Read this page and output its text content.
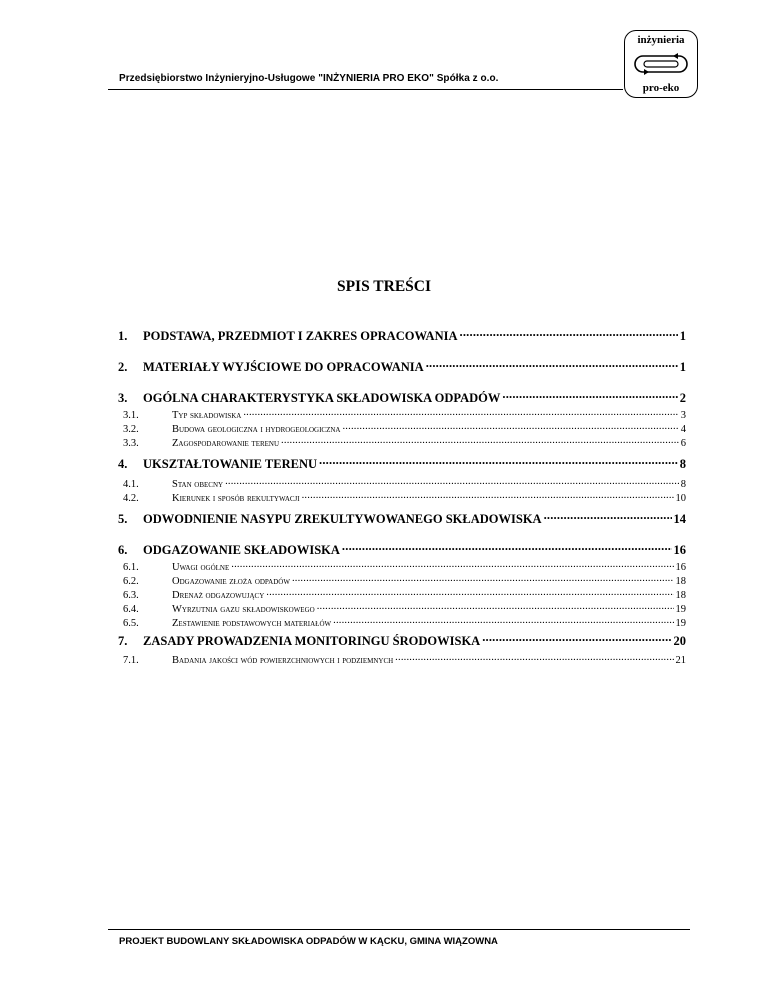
Przedsiębiorstwo Inżynieryjno-Usługowe "INŻYNIERIA PRO EKO" Spółka z o.o.
inżynieria
pro-eko
SPIS TREŚCI
1.	PODSTAWA, PRZEDMIOT I ZAKRES OPRACOWANIA .....	1
2.	MATERIAŁY WYJŚCIOWE DO OPRACOWANIA .....	1
3.	OGÓLNA CHARAKTERYSTYKA SKŁADOWISKA ODPADÓW .....	2
3.1.	Typ składowiska .....	3
3.2.	Budowa geologiczna i hydrogeologiczna .....	4
3.3.	Zagospodarowanie terenu .....	6
4.	UKSZTAŁTOWANIE TERENU .....	8
4.1.	Stan obecny .....	8
4.2.	Kierunek i sposób rekultywacji .....	10
5.	ODWODNIENIE NASYPU ZREKULTYWOWANEGO SKŁADOWISKA .....	14
6.	ODGAZOWANIE SKŁADOWISKA .....	16
6.1.	Uwagi ogólne .....	16
6.2.	Odgazowanie złoża odpadów .....	18
6.3.	Drenaż odgazowujący .....	18
6.4.	Wyrzutnia gazu składowiskowego .....	19
6.5.	Zestawienie podstawowych materiałów .....	19
7.	ZASADY PROWADZENIA MONITORINGU ŚRODOWISKA .....	20
7.1.	Badania jakości wód powierzchniowych i podziemnych .....	21
PROJEKT BUDOWLANY SKŁADOWISKA ODPADÓW W KĄCKU, GMINA WIĄZOWNA
